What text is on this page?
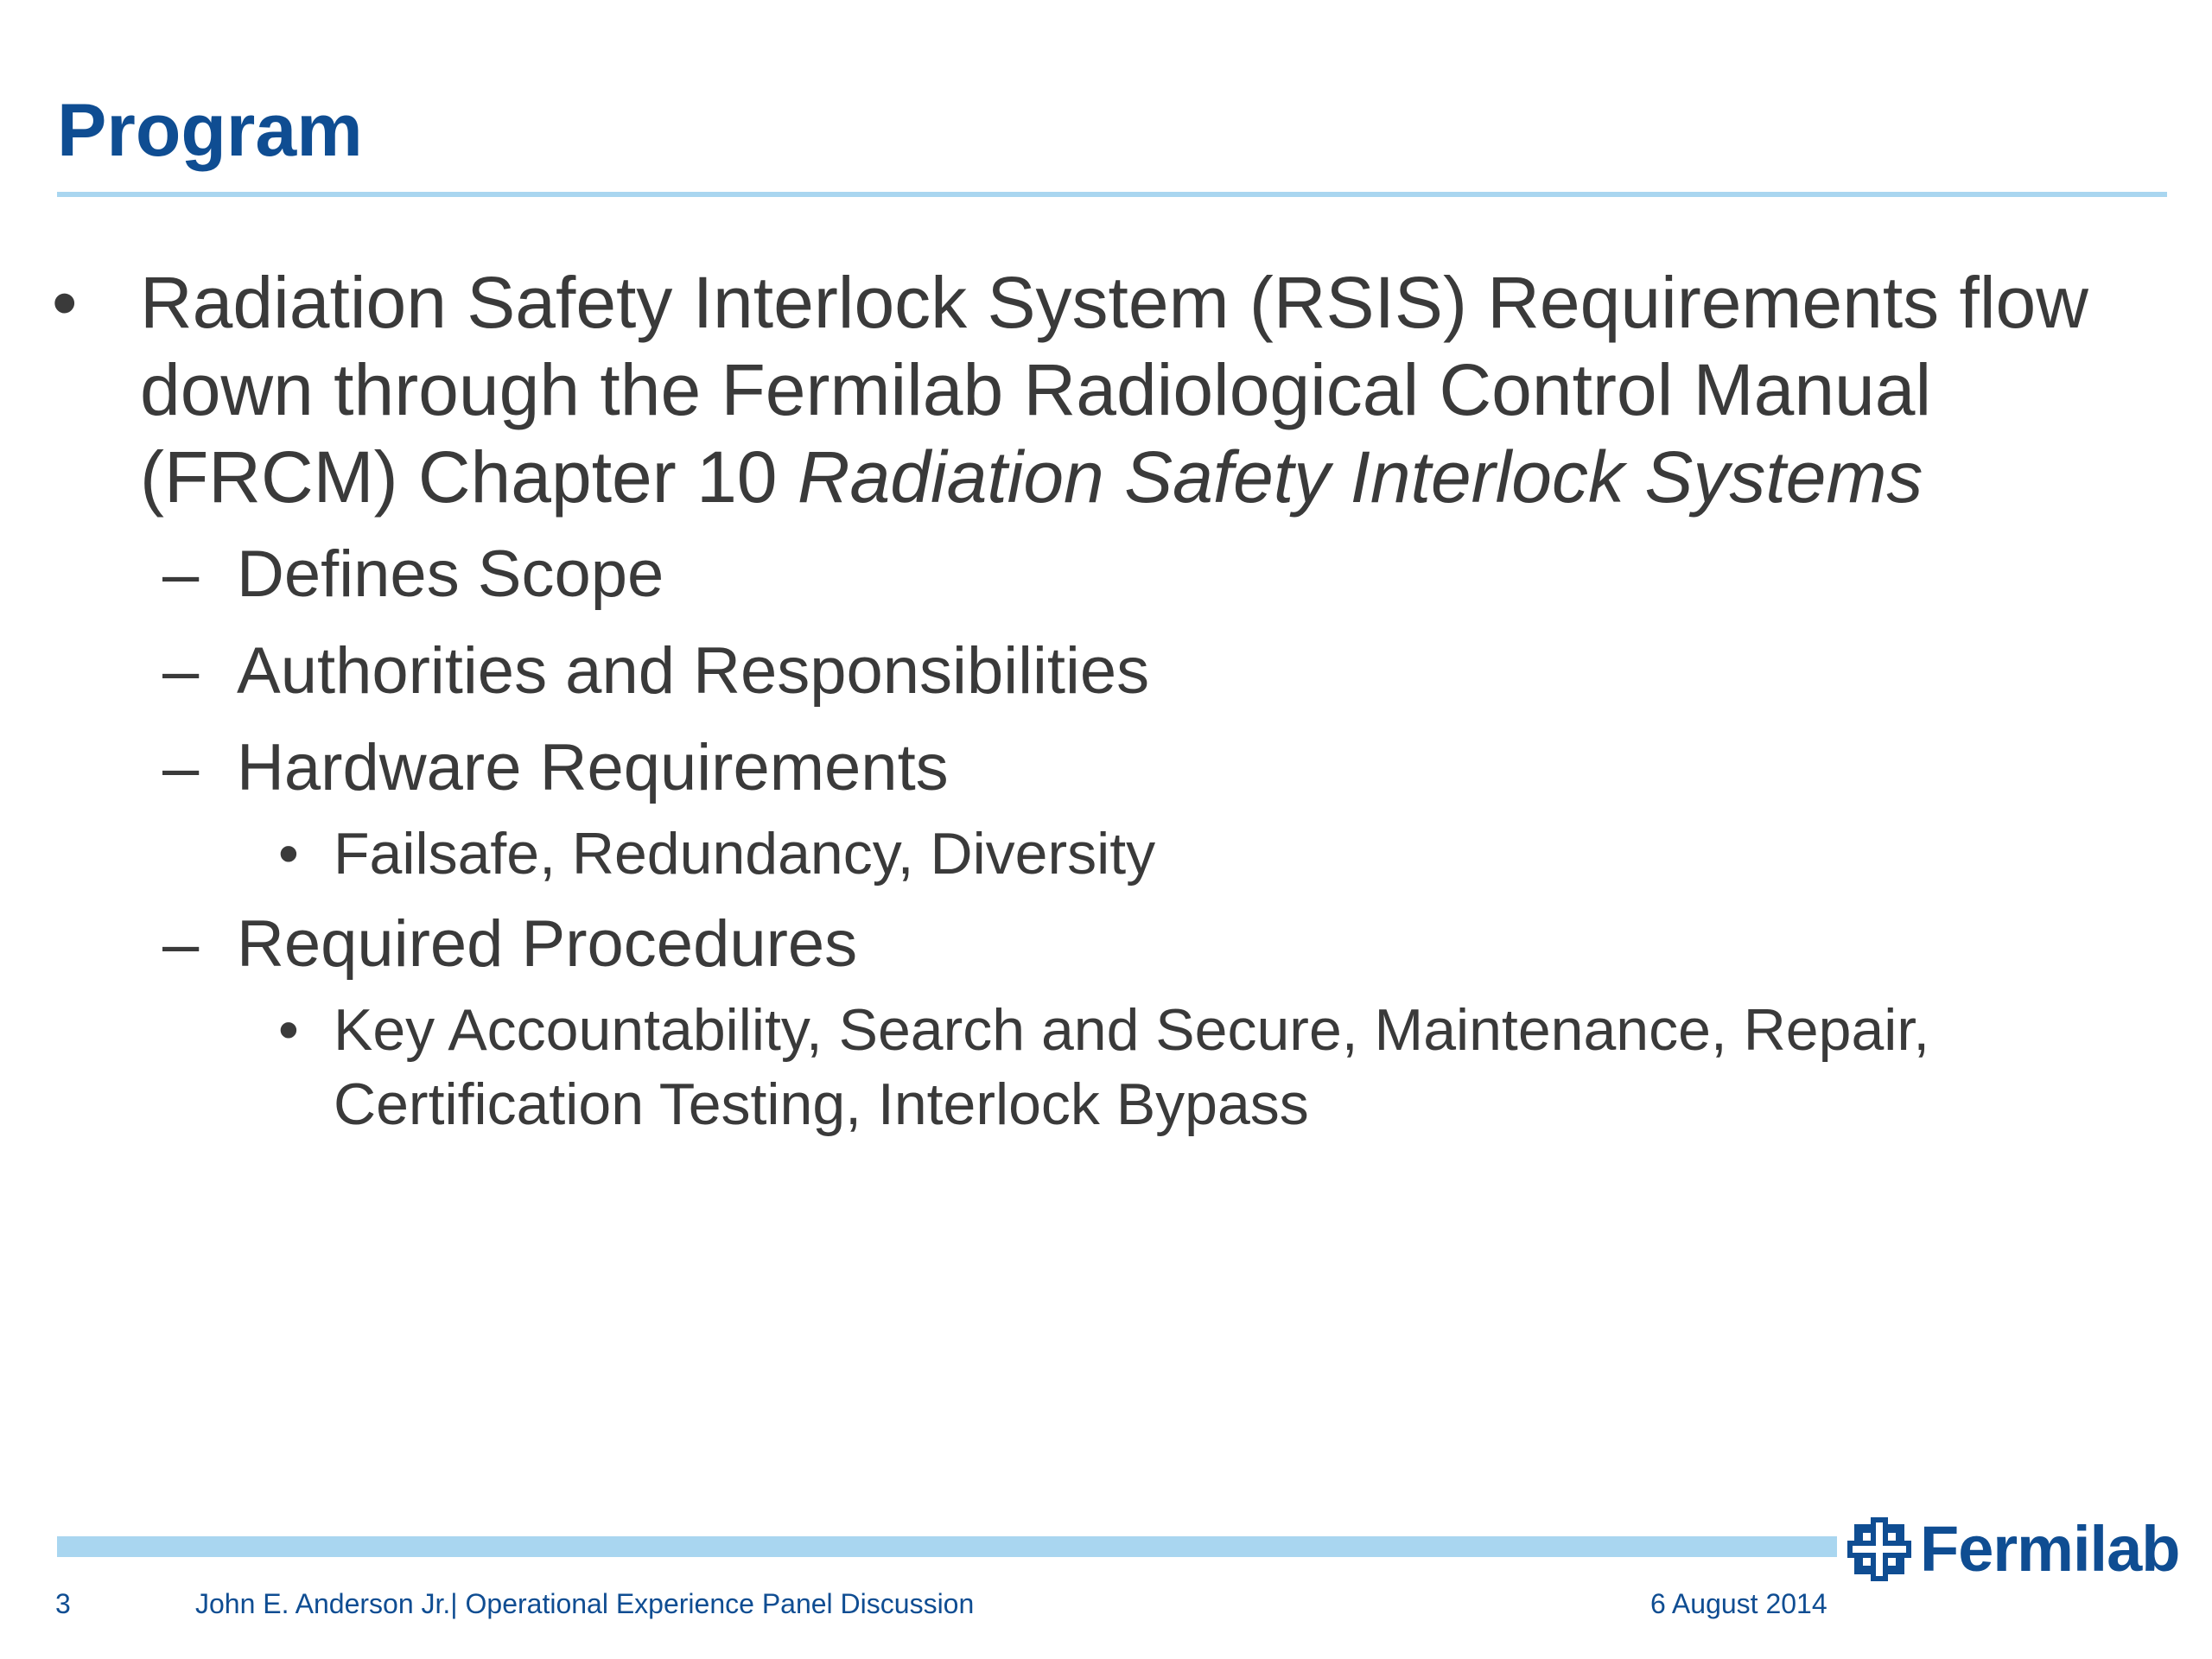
Program
• Radiation Safety Interlock System (RSIS) Requirements flow down through the Fermilab Radiological Control Manual (FRCM) Chapter 10 Radiation Safety Interlock Systems
– Defines Scope
– Authorities and Responsibilities
– Hardware Requirements
• Failsafe, Redundancy, Diversity
– Required Procedures
• Key Accountability, Search and Secure, Maintenance, Repair, Certification Testing, Interlock Bypass
Fermilab
3	John E. Anderson Jr.| Operational Experience Panel Discussion	6 August 2014
